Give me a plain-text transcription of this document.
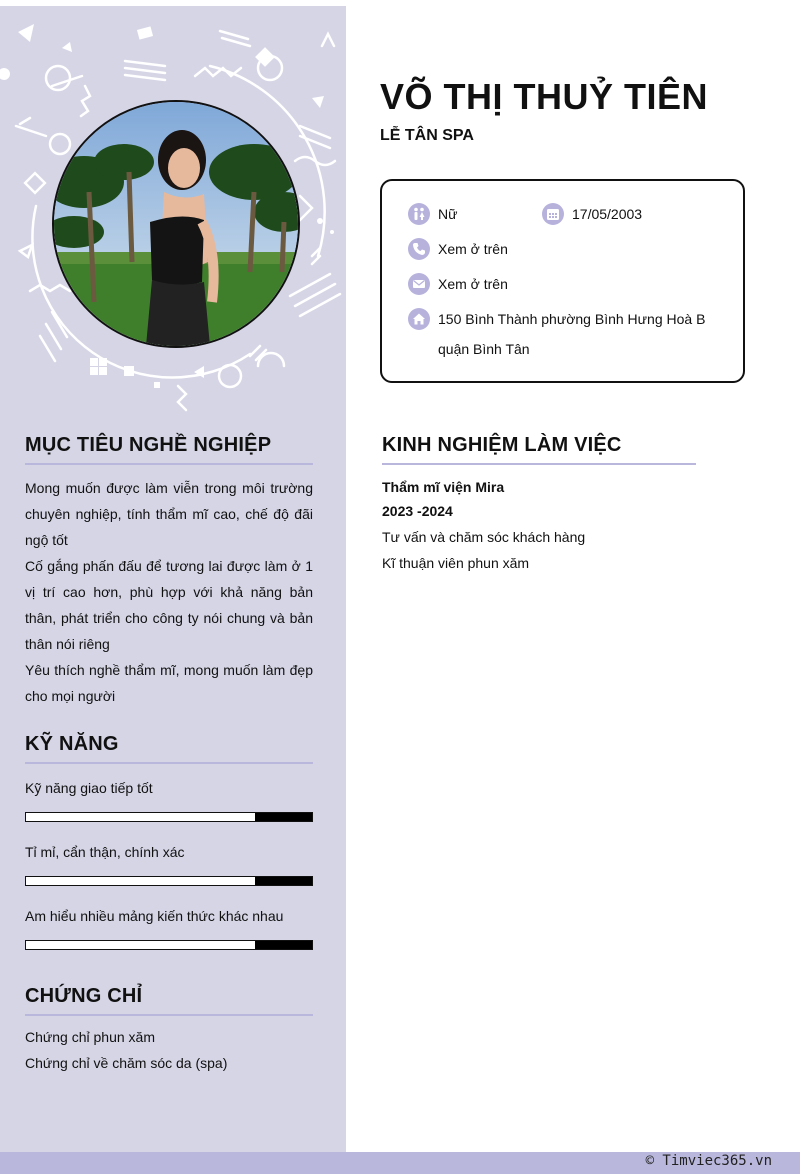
MỤC TIÊU NGHỀ NGHIỆP

Mong muốn được làm viễn trong môi trường chuyên nghiệp, tính thẩm mĩ cao, chế độ đãi ngộ tốt

Cố gắng phấn đấu để tương lai được làm ở 1 vị trí cao hơn, phù hợp với khả năng bản thân, phát triển cho công ty nói chung và bản thân nói riêng

Yêu thích nghề thẩm mĩ, mong muốn làm đẹp cho mọi người

KỸ NĂNG
Kỹ năng giao tiếp tốt
Tỉ mỉ, cẩn thận, chính xác
Am hiểu nhiều mảng kiến thức khác nhau
CHỨNG CHỈ
Chứng chỉ phun xăm
Chứng chỉ về chăm sóc da (spa)
VÕ THỊ THUỶ TIÊN
LỄ TÂN SPA
Nữ	17/05/2003
Xem ở trên
Xem ở trên
150 Bình Thành phường Bình Hưng Hoà B
quận Bình Tân
KINH NGHIỆM LÀM VIỆC
Thẩm mĩ viện Mira
2023 -2024
Tư vấn và chăm sóc khách hàng
Kĩ thuận viên phun xăm
© Timviec365.vn
